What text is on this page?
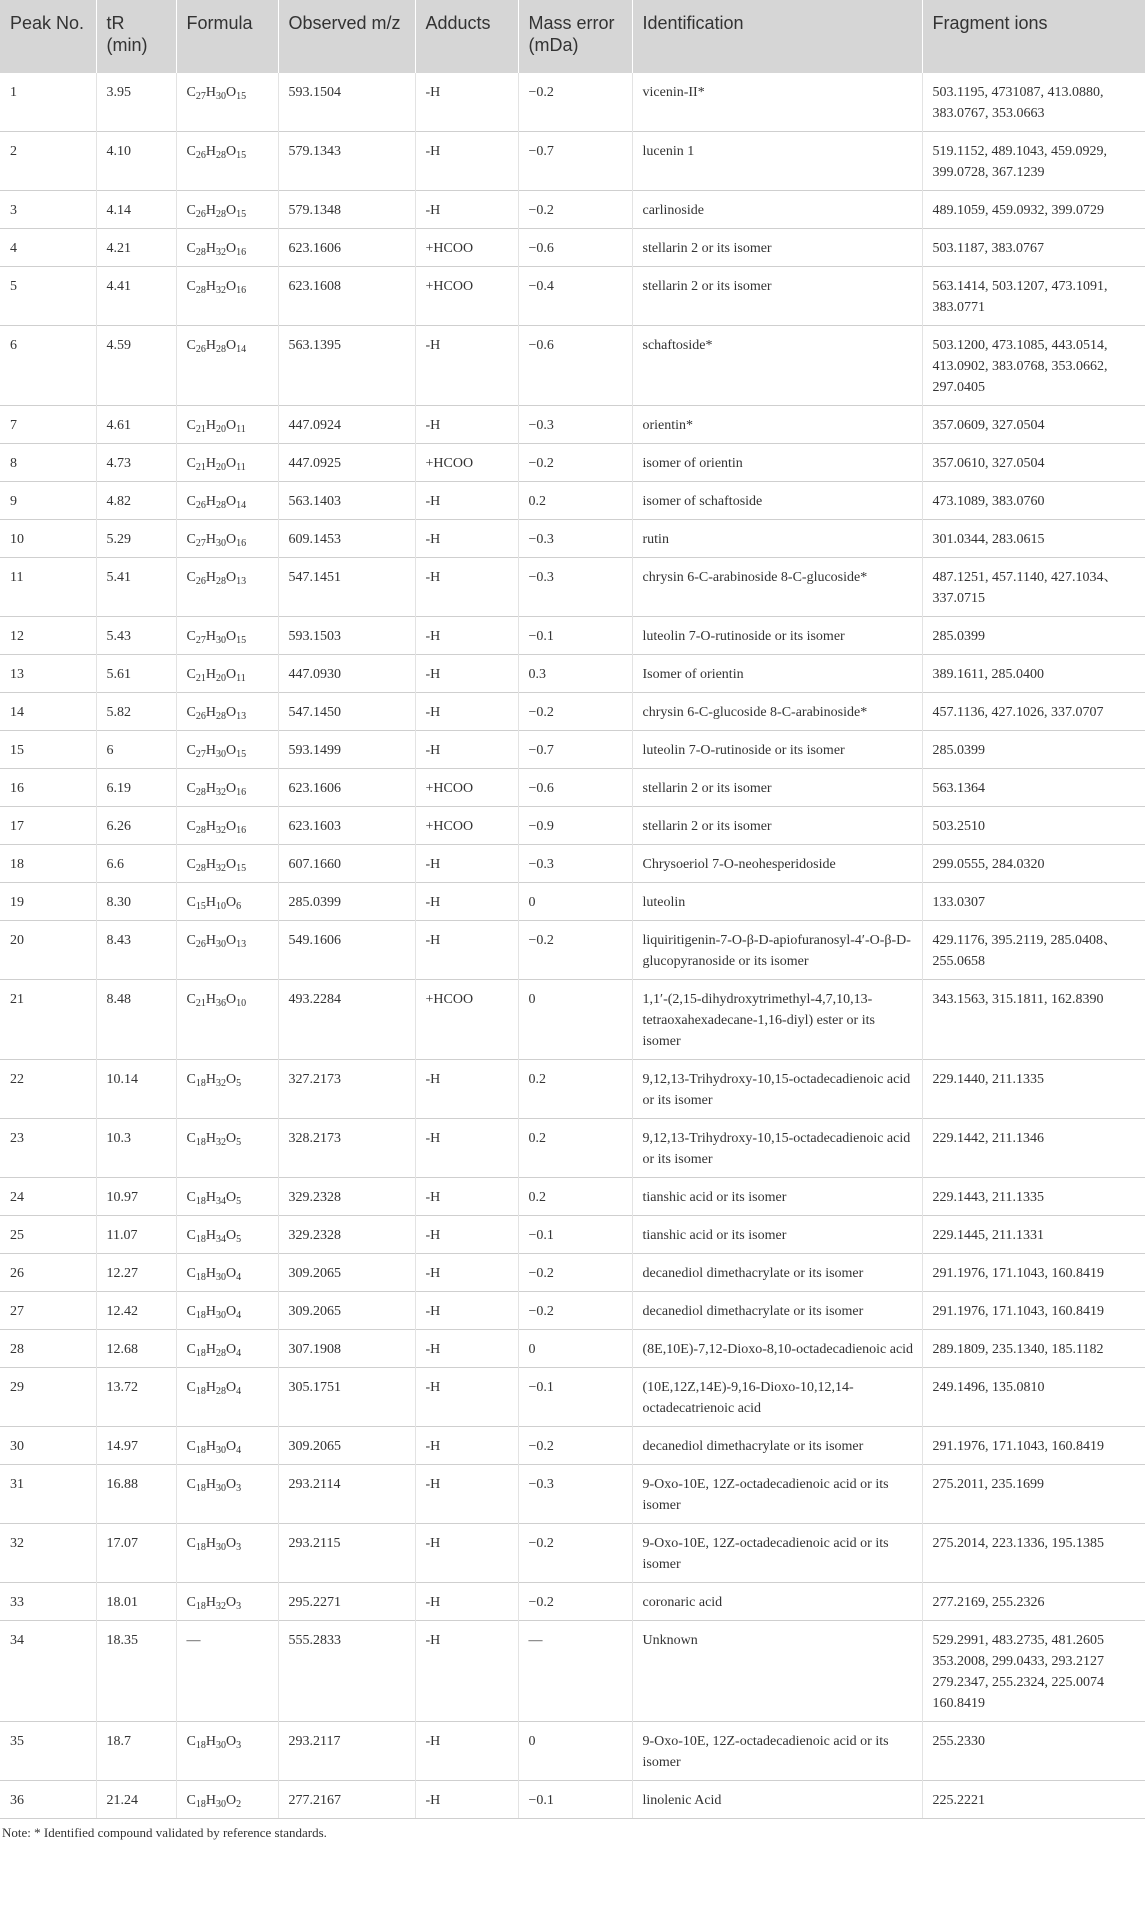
Peak No.	tR (min)	Formula	Observed m/z	Adducts	Mass error (mDa)	Identification	Fragment ions
1	3.95	$C_{27}H_{30}O_{15}$	593.1504	-H	−0.2	vicenin-II*	503.1195, 4731087, 413.0880, 383.0767, 353.0663
2	4.10	$C_{26}H_{28}O_{15}$	579.1343	-H	−0.7	lucenin 1	519.1152, 489.1043, 459.0929, 399.0728, 367.1239
3	4.14	$C_{26}H_{28}O_{15}$	579.1348	-H	−0.2	carlinoside	489.1059, 459.0932, 399.0729
4	4.21	$C_{28}H_{32}O_{16}$	623.1606	+HCOO	−0.6	stellarin 2 or its isomer	503.1187, 383.0767
5	4.41	$C_{28}H_{32}O_{16}$	623.1608	+HCOO	−0.4	stellarin 2 or its isomer	563.1414, 503.1207, 473.1091, 383.0771
6	4.59	$C_{26}H_{28}O_{14}$	563.1395	-H	−0.6	schaftoside*	503.1200, 473.1085, 443.0514, 413.0902, 383.0768, 353.0662, 297.0405
7	4.61	$C_{21}H_{20}O_{11}$	447.0924	-H	−0.3	orientin*	357.0609, 327.0504
8	4.73	$C_{21}H_{20}O_{11}$	447.0925	+HCOO	−0.2	isomer of orientin	357.0610, 327.0504
9	4.82	$C_{26}H_{28}O_{14}$	563.1403	-H	0.2	isomer of schaftoside	473.1089, 383.0760
10	5.29	$C_{27}H_{30}O_{16}$	609.1453	-H	−0.3	rutin	301.0344, 283.0615
11	5.41	$C_{26}H_{28}O_{13}$	547.1451	-H	−0.3	chrysin 6-C-arabinoside 8-C-glucoside*	487.1251, 457.1140, 427.1034、337.0715
12	5.43	$C_{27}H_{30}O_{15}$	593.1503	-H	−0.1	luteolin 7-O-rutinoside or its isomer	285.0399
13	5.61	$C_{21}H_{20}O_{11}$	447.0930	-H	0.3	Isomer of orientin	389.1611, 285.0400
14	5.82	$C_{26}H_{28}O_{13}$	547.1450	-H	−0.2	chrysin 6-C-glucoside 8-C-arabinoside*	457.1136, 427.1026, 337.0707
15	6	$C_{27}H_{30}O_{15}$	593.1499	-H	−0.7	luteolin 7-O-rutinoside or its isomer	285.0399
16	6.19	$C_{28}H_{32}O_{16}$	623.1606	+HCOO	−0.6	stellarin 2 or its isomer	563.1364
17	6.26	$C_{28}H_{32}O_{16}$	623.1603	+HCOO	−0.9	stellarin 2 or its isomer	503.2510
18	6.6	$C_{28}H_{32}O_{15}$	607.1660	-H	−0.3	Chrysoeriol 7-O-neohesperidoside	299.0555, 284.0320
19	8.30	$C_{15}H_{10}O_6$	285.0399	-H	0	luteolin	133.0307
20	8.43	$C_{26}H_{30}O_{13}$	549.1606	-H	−0.2	liquiritigenin-7-O-β-D-apiofuranosyl-4′-O-β-D-glucopyranoside or its isomer	429.1176, 395.2119, 285.0408、255.0658
21	8.48	$C_{21}H_{36}O_{10}$	493.2284	+HCOO	0	1,1′-(2,15-dihydroxytrimethyl-4,7,10,13-tetraoxahexadecane-1,16-diyl) ester or its isomer	343.1563, 315.1811, 162.8390
22	10.14	$C_{18}H_{32}O_5$	327.2173	-H	0.2	9,12,13-Trihydroxy-10,15-octadecadienoic acid or its isomer	229.1440, 211.1335
23	10.3	$C_{18}H_{32}O_5$	328.2173	-H	0.2	9,12,13-Trihydroxy-10,15-octadecadienoic acid or its isomer	229.1442, 211.1346
24	10.97	$C_{18}H_{34}O_5$	329.2328	-H	0.2	tianshic acid or its isomer	229.1443, 211.1335
25	11.07	$C_{18}H_{34}O_5$	329.2328	-H	−0.1	tianshic acid or its isomer	229.1445, 211.1331
26	12.27	$C_{18}H_{30}O_4$	309.2065	-H	−0.2	decanediol dimethacrylate or its isomer	291.1976, 171.1043, 160.8419
27	12.42	$C_{18}H_{30}O_4$	309.2065	-H	−0.2	decanediol dimethacrylate or its isomer	291.1976, 171.1043, 160.8419
28	12.68	$C_{18}H_{28}O_4$	307.1908	-H	0	(8E,10E)-7,12-Dioxo-8,10-octadecadienoic acid	289.1809, 235.1340, 185.1182
29	13.72	$C_{18}H_{28}O_4$	305.1751	-H	−0.1	(10E,12Z,14E)-9,16-Dioxo-10,12,14-octadecatrienoic acid	249.1496, 135.0810
30	14.97	$C_{18}H_{30}O_4$	309.2065	-H	−0.2	decanediol dimethacrylate or its isomer	291.1976, 171.1043, 160.8419
31	16.88	$C_{18}H_{30}O_3$	293.2114	-H	−0.3	9-Oxo-10E, 12Z-octadecadienoic acid or its isomer	275.2011, 235.1699
32	17.07	$C_{18}H_{30}O_3$	293.2115	-H	−0.2	9-Oxo-10E, 12Z-octadecadienoic acid or its isomer	275.2014, 223.1336, 195.1385
33	18.01	$C_{18}H_{32}O_3$	295.2271	-H	−0.2	coronaric acid	277.2169, 255.2326
34	18.35	—	555.2833	-H	—	Unknown	529.2991, 483.2735, 481.2605 353.2008, 299.0433, 293.2127 279.2347, 255.2324, 225.0074 160.8419
35	18.7	$C_{18}H_{30}O_3$	293.2117	-H	0	9-Oxo-10E, 12Z-octadecadienoic acid or its isomer	255.2330
36	21.24	$C_{18}H_{30}O_2$	277.2167	-H	−0.1	linolenic Acid	225.2221
Note: * Identified compound validated by reference standards.
